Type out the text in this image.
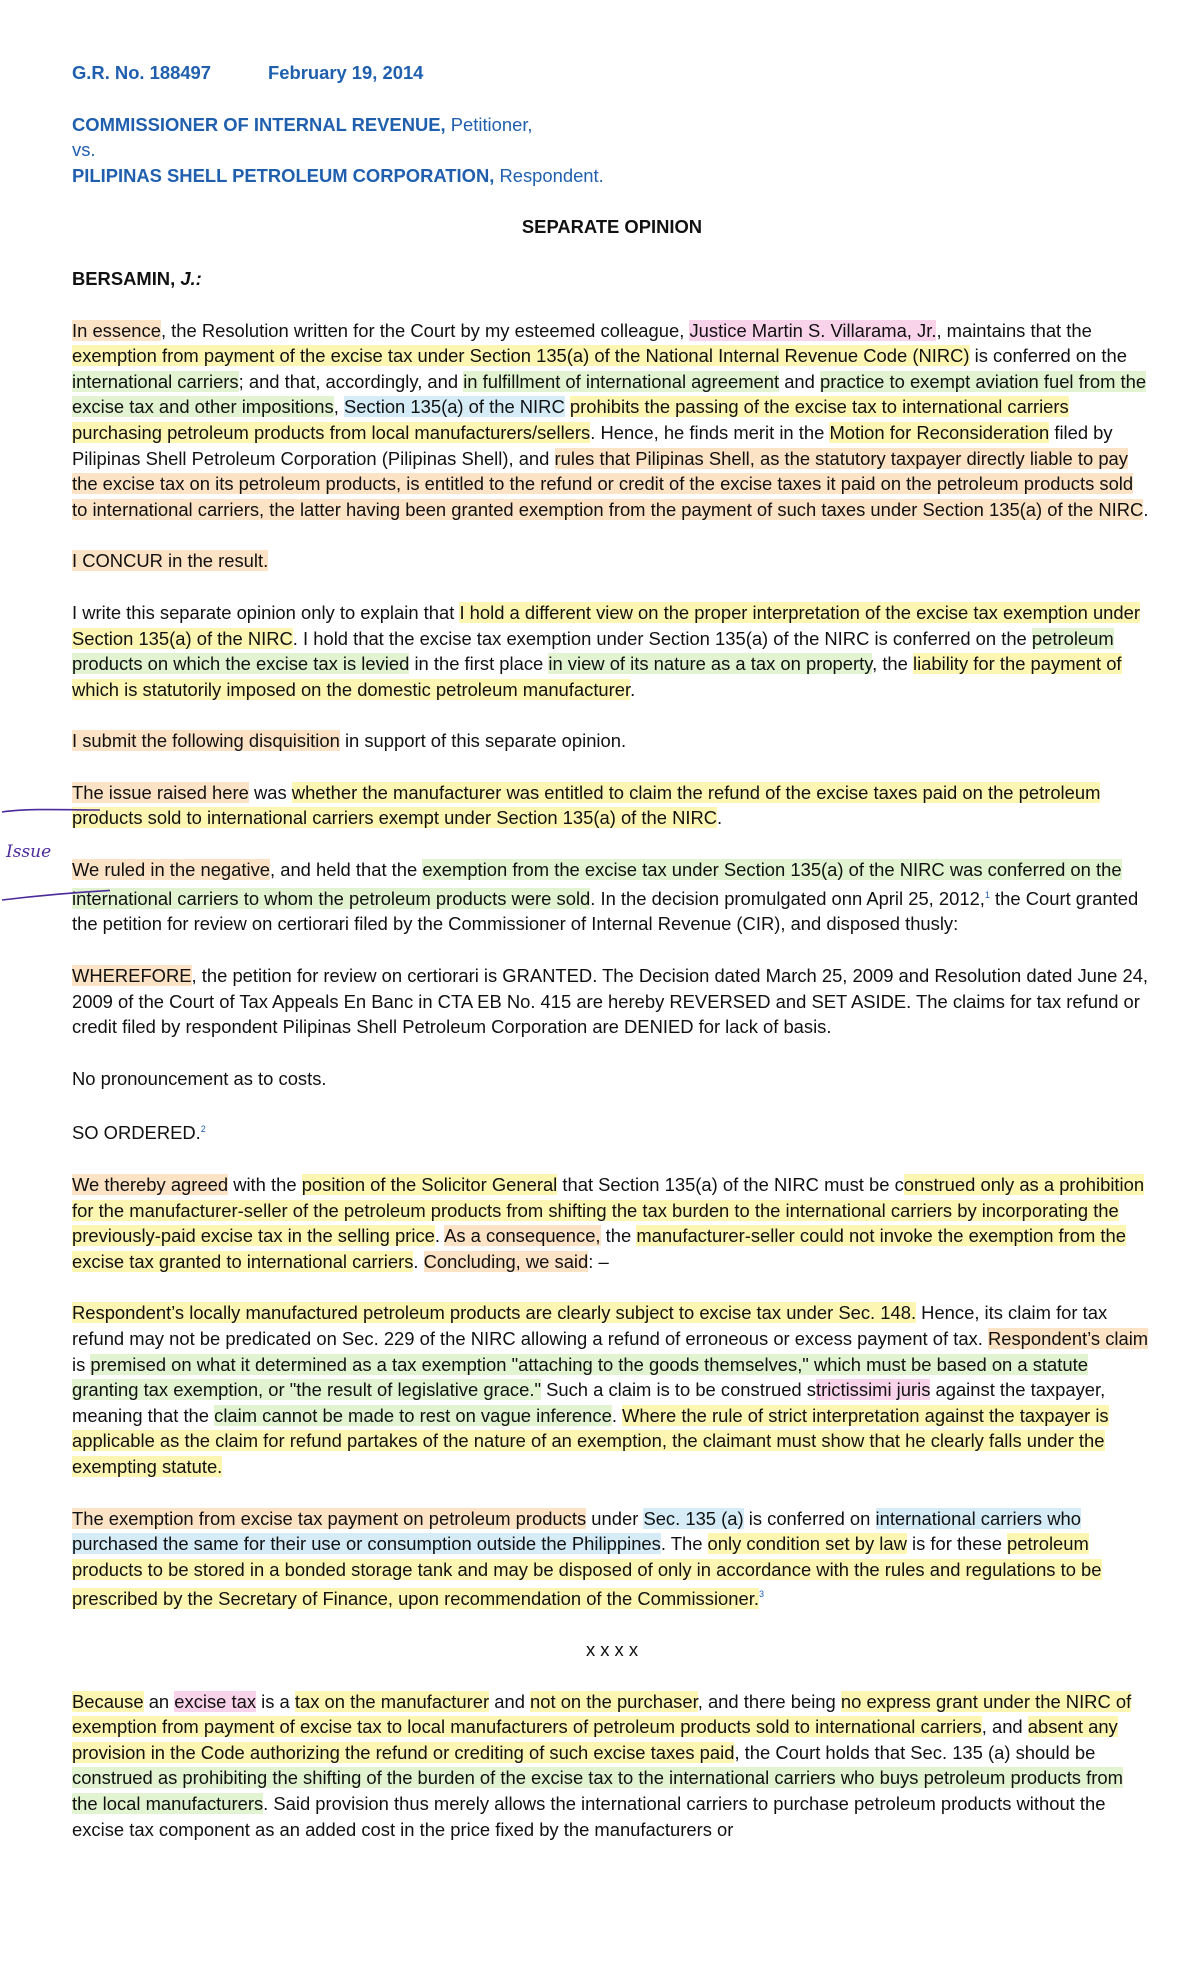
G.R. No. 188497	February 19, 2014

COMMISSIONER OF INTERNAL REVENUE, Petitioner,

vs.

PILIPINAS SHELL PETROLEUM CORPORATION, Respondent.

SEPARATE OPINION

BERSAMIN, J.:

In essence, the Resolution written for the Court by my esteemed colleague, Justice Martin S. Villarama, Jr., maintains that the exemption from payment of the excise tax under Section 135(a) of the National Internal Revenue Code (NIRC) is conferred on the international carriers; and that, accordingly, and in fulfillment of international agreement and practice to exempt aviation fuel from the excise tax and other impositions, Section 135(a) of the NIRC prohibits the passing of the excise tax to international carriers purchasing petroleum products from local manufacturers/sellers. Hence, he finds merit in the Motion for Reconsideration filed by Pilipinas Shell Petroleum Corporation (Pilipinas Shell), and rules that Pilipinas Shell, as the statutory taxpayer directly liable to pay the excise tax on its petroleum products, is entitled to the refund or credit of the excise taxes it paid on the petroleum products sold to international carriers, the latter having been granted exemption from the payment of such taxes under Section 135(a) of the NIRC.

I CONCUR in the result.

I write this separate opinion only to explain that I hold a different view on the proper interpretation of the excise tax exemption under Section 135(a) of the NIRC. I hold that the excise tax exemption under Section 135(a) of the NIRC is conferred on the petroleum products on which the excise tax is levied in the first place in view of its nature as a tax on property, the liability for the payment of which is statutorily imposed on the domestic petroleum manufacturer.

I submit the following disquisition in support of this separate opinion.

The issue raised here was whether the manufacturer was entitled to claim the refund of the excise taxes paid on the petroleum products sold to international carriers exempt under Section 135(a) of the NIRC.

We ruled in the negative, and held that the exemption from the excise tax under Section 135(a) of the NIRC was conferred on the international carriers to whom the petroleum products were sold. In the decision promulgated onn April 25, 2012,$^1$ the Court granted the petition for review on certiorari filed by the Commissioner of Internal Revenue (CIR), and disposed thusly:

WHEREFORE, the petition for review on certiorari is GRANTED. The Decision dated March 25, 2009 and Resolution dated June 24, 2009 of the Court of Tax Appeals En Banc in CTA EB No. 415 are hereby REVERSED and SET ASIDE. The claims for tax refund or credit filed by respondent Pilipinas Shell Petroleum Corporation are DENIED for lack of basis.

No pronouncement as to costs.

SO ORDERED.$^2$

We thereby agreed with the position of the Solicitor General that Section 135(a) of the NIRC must be construed only as a prohibition for the manufacturer-seller of the petroleum products from shifting the tax burden to the international carriers by incorporating the previously-paid excise tax in the selling price. As a consequence, the manufacturer-seller could not invoke the exemption from the excise tax granted to international carriers. Concluding, we said: –

Respondent’s locally manufactured petroleum products are clearly subject to excise tax under Sec. 148. Hence, its claim for tax refund may not be predicated on Sec. 229 of the NIRC allowing a refund of erroneous or excess payment of tax. Respondent’s claim is premised on what it determined as a tax exemption "attaching to the goods themselves," which must be based on a statute granting tax exemption, or "the result of legislative grace." Such a claim is to be construed strictissimi juris against the taxpayer, meaning that the claim cannot be made to rest on vague inference. Where the rule of strict interpretation against the taxpayer is applicable as the claim for refund partakes of the nature of an exemption, the claimant must show that he clearly falls under the exempting statute.

The exemption from excise tax payment on petroleum products under Sec. 135 (a) is conferred on international carriers who purchased the same for their use or consumption outside the Philippines. The only condition set by law is for these petroleum products to be stored in a bonded storage tank and may be disposed of only in accordance with the rules and regulations to be prescribed by the Secretary of Finance, upon recommendation of the Commissioner.$^3$

x x x x

Because an excise tax is a tax on the manufacturer and not on the purchaser, and there being no express grant under the NIRC of exemption from payment of excise tax to local manufacturers of petroleum products sold to international carriers, and absent any provision in the Code authorizing the refund or crediting of such excise taxes paid, the Court holds that Sec. 135 (a) should be construed as prohibiting the shifting of the burden of the excise tax to the international carriers who buys petroleum products from the local manufacturers. Said provision thus merely allows the international carriers to purchase petroleum products without the excise tax component as an added cost in the price fixed by the manufacturers or

Issue
